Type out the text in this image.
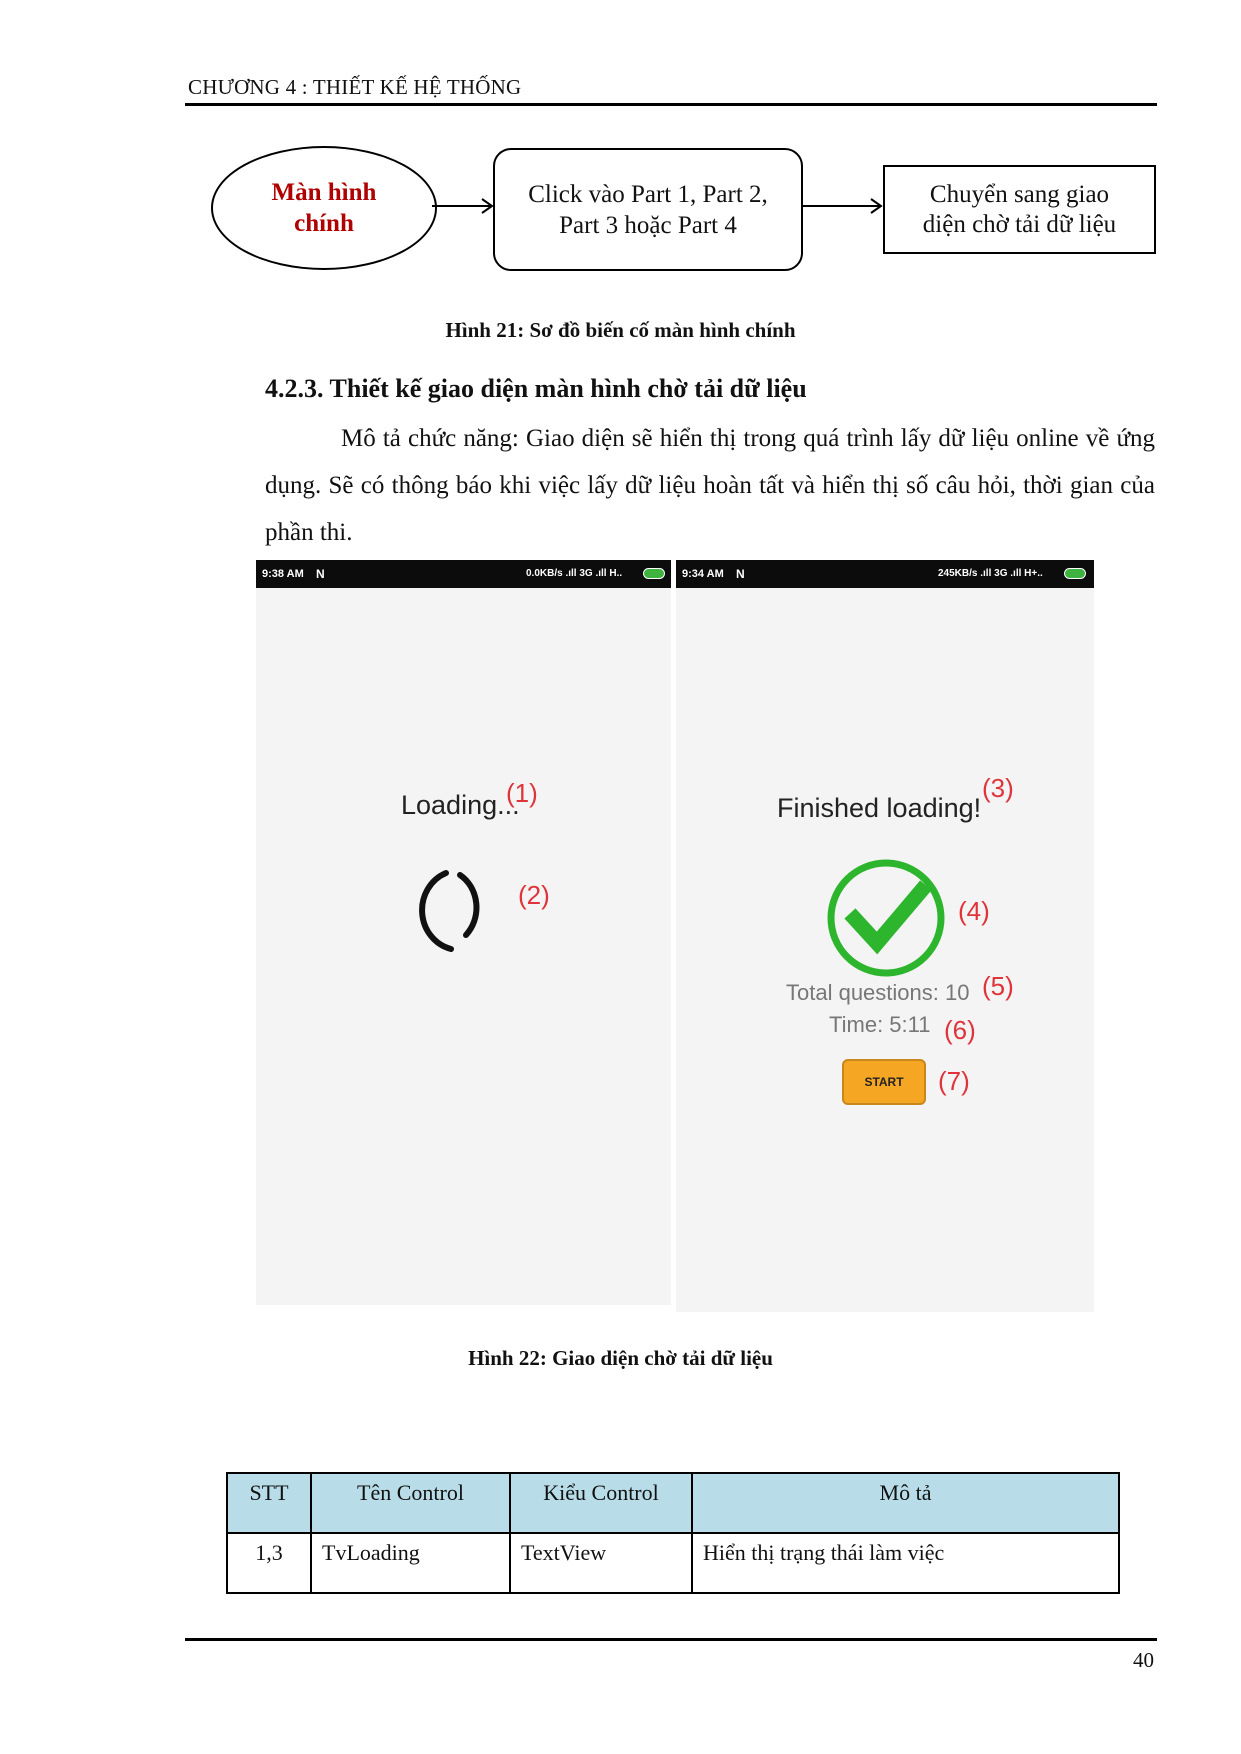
CHƯƠNG 4 : THIẾT KẾ HỆ THỐNG
Màn hình chính
Click vào Part 1, Part 2, Part 3 hoặc Part 4
Chuyển sang giao diện chờ tải dữ liệu
Hình 21: Sơ đồ biến cố màn hình chính
4.2.3. Thiết kế giao diện màn hình chờ tải dữ liệu
Mô tả chức năng: Giao diện sẽ hiển thị trong quá trình lấy dữ liệu online về ứng dụng. Sẽ có thông báo khi việc lấy dữ liệu hoàn tất và hiển thị số câu hỏi, thời gian của phần thi.
9:38 AM N	0.0KB/s .ıll 3G .ıll H..
Loading...
(1)
(2)
9:34 AM N	245KB/s .ıll 3G .ıll H+..
Finished loading!
(3)
(4)
Total questions: 10 (5)
Time: 5:11 (6)
START	(7)
Hình 22: Giao diện chờ tải dữ liệu
STT	Tên Control	Kiểu Control	Mô tả
1,3	TvLoading	TextView	Hiển thị trạng thái làm việc
40
